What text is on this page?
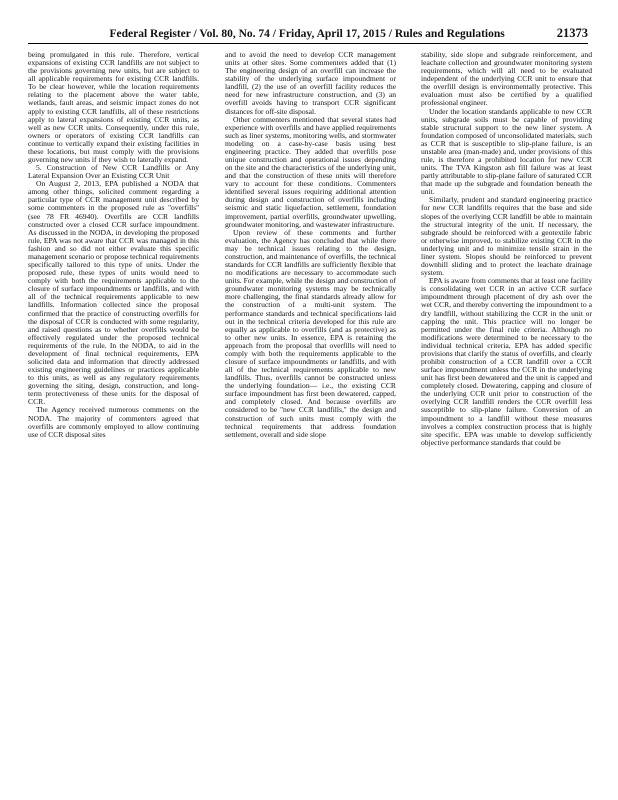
Federal Register / Vol. 80, No. 74 / Friday, April 17, 2015 / Rules and Regulations	21373

being promulgated in this rule. Therefore, vertical expansions of existing CCR landfills are not subject to the provisions governing new units, but are subject to all applicable requirements for existing CCR landfills. To be clear however, while the location requirements relating to the placement above the water table, wetlands, fault areas, and seismic impact zones do not apply to existing CCR landfills, all of these restrictions apply to lateral expansions of existing CCR units, as well as new CCR units. Consequently, under this rule, owners or operators of existing CCR landfills can continue to vertically expand their existing facilities in these locations, but must comply with the provisions governing new units if they wish to laterally expand.

5. Construction of New CCR Landfills or Any Lateral Expansion Over an Existing CCR Unit

On August 2, 2013, EPA published a NODA that among other things, solicited comment regarding a particular type of CCR management unit described by some commenters in the proposed rule as ''overfills'' (see 78 FR 46940). Overfills are CCR landfills constructed over a closed CCR surface impoundment. As discussed in the NODA, in developing the proposed rule, EPA was not aware that CCR was managed in this fashion and so did not either evaluate this specific management scenario or propose technical requirements specifically tailored to this type of units. Under the proposed rule, these types of units would need to comply with both the requirements applicable to the closure of surface impoundments or landfills, and with all of the technical requirements applicable to new landfills. Information collected since the proposal confirmed that the practice of constructing overfills for the disposal of CCR is conducted with some regularity, and raised questions as to whether overfills would be effectively regulated under the proposed technical requirements of the rule. In the NODA, to aid in the development of final technical requirements, EPA solicited data and information that directly addressed existing engineering guidelines or practices applicable to this units, as well as any regulatory requirements governing the siting, design, construction, and long-term protectiveness of these units for the disposal of CCR.

The Agency received numerous comments on the NODA. The majority of commenters agreed that overfills are commonly employed to allow continuing use of CCR disposal sites

and to avoid the need to develop CCR management units at other sites. Some commenters added that (1) The engineering design of an overfill can increase the stability of the underlying surface impoundment or landfill, (2) the use of an overfill facility reduces the need for new infrastructure construction, and (3) an overfill avoids having to transport CCR significant distances for off-site disposal.

Other commenters mentioned that several states had experience with overfills and have applied requirements such as liner systems, monitoring wells, and stormwater modeling on a case-by-case basis using best engineering practice. They added that overfills pose unique construction and operational issues depending on the site and the characteristics of the underlying unit, and that the construction of these units will therefore vary to account for these conditions. Commenters identified several issues requiring additional attention during design and construction of overfills including seismic and static liquefaction, settlement, foundation improvement, partial overfills, groundwater upwelling, groundwater monitoring, and wastewater infrastructure.

Upon review of these comments and further evaluation, the Agency has concluded that while there may be technical issues relating to the design, construction, and maintenance of overfills, the technical standards for CCR landfills are sufficiently flexible that no modifications are necessary to accommodate such units. For example, while the design and construction of groundwater monitoring systems may be technically more challenging, the final standards already allow for the construction of a multi-unit system. The performance standards and technical specifications laid out in the technical criteria developed for this rule are equally as applicable to overfills (and as protective) as to other new units. In essence, EPA is retaining the approach from the proposal that overfills will need to comply with both the requirements applicable to the closure of surface impoundments or landfills, and with all of the technical requirements applicable to new landfills. Thus, overfills cannot be constructed unless the underlying foundation— i.e., the existing CCR surface impoundment has first been dewatered, capped, and completely closed. And because overfills are considered to be ''new CCR landfills,'' the design and construction of such units must comply with the technical requirements that address foundation settlement, overall and side slope

stability, side slope and subgrade reinforcement, and leachate collection and groundwater monitoring system requirements, which will all need to be evaluated independent of the underlying CCR unit to ensure that the overfill design is environmentally protective. This evaluation must also be certified by a qualified professional engineer.

Under the location standards applicable to new CCR units, subgrade soils must be capable of providing stable structural support to the new liner system. A foundation composed of unconsolidated materials, such as CCR that is susceptible to slip-plane failure, is an unstable area (man-made) and, under provisions of this rule, is therefore a prohibited location for new CCR units. The TVA Kingston ash fill failure was at least partly attributable to slip-plane failure of saturated CCR that made up the subgrade and foundation beneath the unit.

Similarly, prudent and standard engineering practice for new CCR landfills requires that the base and side slopes of the overlying CCR landfill be able to maintain the structural integrity of the unit. If necessary, the subgrade should be reinforced with a geotextile fabric or otherwise improved, to stabilize existing CCR in the underlying unit and to minimize tensile strain in the liner system. Slopes should be reinforced to prevent downhill sliding and to protect the leachate drainage system.

EPA is aware from comments that at least one facility is consolidating wet CCR in an active CCR surface impoundment through placement of dry ash over the wet CCR, and thereby converting the impoundment to a dry landfill, without stabilizing the CCR in the unit or capping the unit. This practice will no longer be permitted under the final rule criteria. Although no modifications were determined to be necessary to the individual technical criteria, EPA has added specific provisions that clarify the status of overfills, and clearly prohibit construction of a CCR landfill over a CCR surface impoundment unless the CCR in the underlying unit has first been dewatered and the unit is capped and completely closed. Dewatering, capping and closure of the underlying CCR unit prior to construction of the overlying CCR landfill renders the CCR overfill less susceptible to slip-plane failure. Conversion of an impoundment to a landfill without these measures involves a complex construction process that is highly site specific. EPA was unable to develop sufficiently objective performance standards that could be
